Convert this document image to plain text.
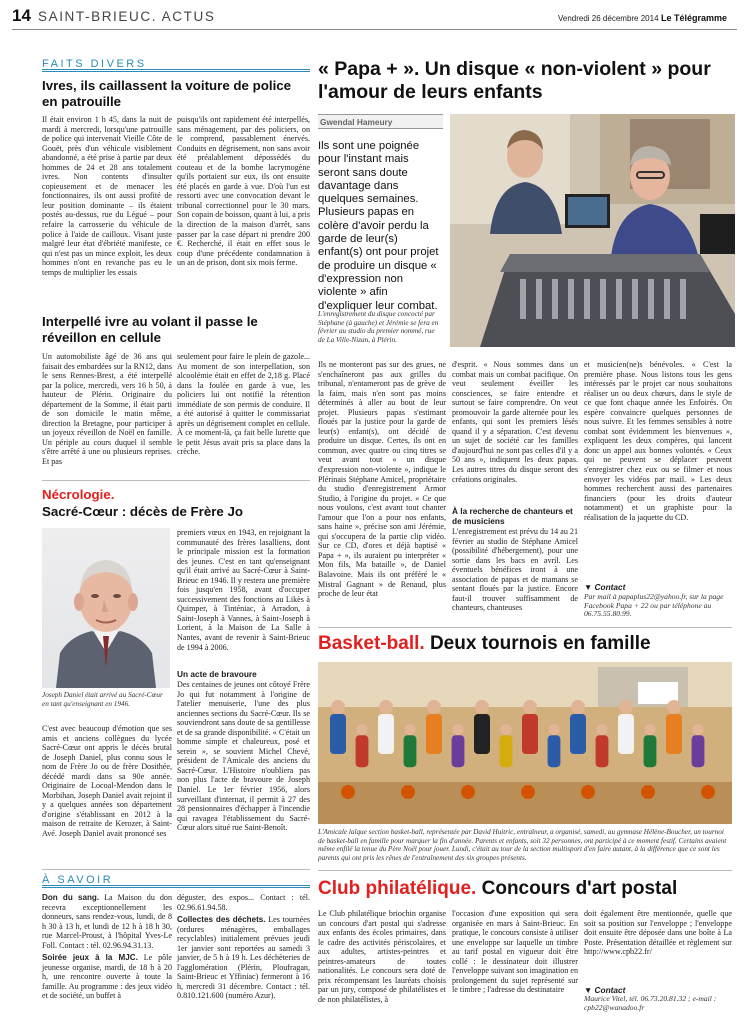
14 SAINT-BRIEUC. ACTUS	Vendredi 26 décembre 2014 Le Télégramme
FAITS DIVERS
Ivres, ils caillassent la voiture de police en patrouille
Il était environ 1 h 45, dans la nuit de mardi à mercredi, lorsqu'une patrouille de police qui intervenait Vieille Côte de Gouët, près d'un véhicule visiblement abandonné, a été prise à partie par deux hommes de 24 et 28 ans totalement ivres. Non contents d'insulter copieusement et de menacer les fonctionnaires, ils ont aussi profité de leur position dominante – ils étaient postés au-dessus, rue du Légué – pour refaire la carrosserie du véhicule de police à l'aide de cailloux. Visant juste malgré leur état d'ébriété manifeste, ce qui n'est pas un mince exploit, les deux hommes n'ont en revanche pas eu le temps de multiplier les essais
puisqu'ils ont rapidement été interpellés, sans ménagement, par des policiers, on le comprend, passablement énervés. Conduits en dégrisement, non sans avoir été préalablement dépossédés du couteau et de la bombe lacrymogène qu'ils portaient sur eux, ils ont ensuite été placés en garde à vue. D'où l'un est ressorti avec une convocation devant le tribunal correctionnel pour le 30 mars. Son copain de boisson, quant à lui, a pris la direction de la maison d'arrêt, sans passer par la case départ ni prendre 200 €. Recherché, il était en effet sous le coup d'une précédente condamnation à un an de prison, dont six mois ferme.
Interpellé ivre au volant il passe le réveillon en cellule
Un automobiliste âgé de 36 ans qui faisait des embardées sur la RN12, dans le sens Rennes-Brest, a été interpellé par la police, mercredi, vers 16 h 50, à hauteur de Plérin. Originaire du département de la Somme, il était parti de son domicile le matin même, direction la Bretagne, pour participer à un joyeux réveillon de Noël en famille. Un périple au cours duquel il semble s'être arrêté à une ou plusieurs reprises. Et pas
seulement pour faire le plein de gazole... Au moment de son interpellation, son alcoolémie était en effet de 2,18 g. Placé dans la foulée en garde à vue, les policiers lui ont notifié la rétention immédiate de son permis de conduire. Il a été autorisé à quitter le commissariat après un dégrisement complet en cellule. À ce moment-là, ça fait belle lurette que le petit Jésus avait pris sa place dans la crèche.
Nécrologie.
Sacré-Cœur : décès de Frère Jo
Joseph Daniel était arrivé au Sacré-Cœur en tant qu'enseignant en 1946.
C'est avec beaucoup d'émotion que ses amis et anciens collègues du lycée Sacré-Cœur ont appris le décès brutal de Joseph Daniel, plus connu sous le nom de Frère Jo ou de frère Dosithée, décédé mardi dans sa 90e année. Originaire de Locoal-Mendon dans le Morbihan, Joseph Daniel avait rejoint il y a quelques années son département d'origine s'établissant en 2012 à la maison de retraite de Kerozer, à Saint-Avé. Joseph Daniel avait prononcé ses
premiers vœux en 1943, en rejoignant la communauté des frères lasalliens, dont le principale mission est la formation des jeunes. C'est en tant qu'enseignant qu'il était arrivé au Sacré-Cœur à Saint-Brieuc en 1946. Il y restera une première fois jusqu'en 1958, avant d'occuper successivement des fonctions au Likès à Quimper, à Tinténiac, à Arradon, à Saint-Joseph à Vannes, à Saint-Joseph à Lorient, à la Maison de La Salle à Nantes, avant de revenir à Saint-Brieuc de 1994 à 2006.
Un acte de bravoure
Des centaines de jeunes ont côtoyé Frère Jo qui fut notamment à l'origine de l'atelier menuiserie, l'une des plus anciennes sections du Sacré-Cœur. Ils se souviendront sans doute de sa gentillesse et de sa grande disponibilité. « C'était un homme simple et chaleureux, posé et serein », se souvient Michel Chevé, président de l'Amicale des anciens du Sacré-Cœur. L'Histoire n'oubliera pas non plus l'acte de bravoure de Joseph Daniel. Le 1er février 1956, alors surveillant d'internat, il permit à 27 des 28 pensionnaires d'échapper à l'incendie qui ravagea l'établissement du Sacré-Cœur alors situé rue Saint-Benoît.
À SAVOIR

Don du sang. La Maison du don recevra exceptionnellement les donneurs, sans rendez-vous, lundi, de 8 h 30 à 13 h, et lundi de 12 h à 18 h 30, rue Marcel-Proust, à l'hôpital Yves-Le Foll. Contact : tél. 02.96.94.31.13.

Soirée jeux à la MJC. Le pôle jeunesse organise, mardi, de 18 h à 20 h, une rencontre ouverte à toute la famille. Au programme : des jeux vidéo et de société, un buffet à

déguster, des expos... Contact : tél. 02.96.61.94.58.

Collectes des déchets. Les tournées (ordures ménagères, emballages recyclables) initialement prévues jeudi 1er janvier sont reportées au samedi 3 janvier, de 5 h à 19 h. Les déchèteries de l'agglomération (Plérin, Ploufragan, Saint-Brieuc et Yffiniac) fermeront à 16 h, mercredi 31 décembre. Contact : tél. 0.810.121.600 (numéro Azur).

« Papa + ». Un disque « non-violent » pour l'amour de leurs enfants
Gwendal Hameury
Ils sont une poignée pour l'instant mais seront sans doute davantage dans quelques semaines. Plusieurs papas en colère d'avoir perdu la garde de leur(s) enfant(s) ont pour projet de produire un disque « d'expression non violente » afin d'expliquer leur combat.
L'enregistrement du disque concocté par Stéphane (à gauche) et Jérémie se fera en février au studio du premier nommé, rue de La Ville-Nizan, à Plérin.
Ils ne monteront pas sur des grues, ne s'enchaîneront pas aux grilles du tribunal, n'entameront pas de grève de la faim, mais n'en sont pas moins déterminés à aller au bout de leur projet. Plusieurs papas s'estimant floués par la justice pour la garde de leur(s) enfant(s), ont décidé de produire un disque. Certes, ils ont en commun, avec quatre ou cinq titres se veut avant tout « un disque d'expression non-violente », indique le Plérinais Stéphane Amicel, propriétaire du studio d'enregistrement Armor Studio, à l'origine du projet. « Ce que nous voulons, c'est avant tout chanter l'amour que l'on a pour nos enfants, sans haine », précise son ami Jérémie, qui s'occupera de la partie clip vidéo. Sur ce CD, d'ores et déjà baptisé « Papa + », ils auraient pu interpréter « Mon fils, Ma bataille », de Daniel Balavoine. Mais ils ont préféré le « Mistral Gagnant » de Renaud, plus proche de leur état
d'esprit. « Nous sommes dans un combat mais un combat pacifique. On veut seulement éveiller les consciences, se faire entendre et surtout se faire comprendre. On veut promouvoir la garde alternée pour les enfants, qui sont les premiers lésés quand il y a séparation. C'est devenu un sujet de société car les familles d'aujourd'hui ne sont pas celles d'il y a 50 ans », indiquent les deux papas. Les autres titres du disque seront des créations originales.
À la recherche de chanteurs et de musiciens
L'enregistrement est prévu du 14 au 21 février au studio de Stéphane Amicel (possibilité d'hébergement), pour une sortie dans les bacs en avril. Les éventuels bénéfices iront à une association de papas et de mamans se sentant floués par la justice. Encore faut-il trouver suffisamment de chanteurs, chanteuses
et musicien(ne)s bénévoles. « C'est la première phase. Nous listons tous les gens intéressés par le projet car nous souhaitons réaliser un ou deux chœurs, dans le style de ce que font chaque année les Enfoirés. On espère convaincre quelques personnes de nous suivre. Et les femmes sensibles à notre combat sont évidemment les bienvenues », expliquent les deux compères, qui lancent donc un appel aux bonnes volontés. « Ceux qui ne peuvent se déplacer peuvent s'enregistrer chez eux ou se filmer et nous envoyer les vidéos par mail. » Les deux hommes recherchent aussi des partenaires financiers (pour les droits d'auteur notamment) et un graphiste pour la réalisation de la jaquette du CD.
▼ Contact
Par mail à papaplus22@yahoo.fr, sur la page Facebook Papa + 22 ou par téléphone au 06.75.55.80.99.
Basket-ball. Deux tournois en famille
L'Amicale laïque section basket-ball, représentée par David Huitric, entraîneur, a organisé, samedi, au gymnase Hélène-Boucher, un tournoi de basket-ball en famille pour marquer la fin d'année. Parents et enfants, soit 32 personnes, ont participé à ce moment festif. Certains avaient même enfilé la tenue du Père Noël pour jouer. Lundi, c'était au tour de la section multisport d'en faire autant, à la différence que ce sont les parents qui ont pris les rênes de l'entraînement des six groupes présents.
Club philatélique. Concours d'art postal
Le Club philatélique briochin organise un concours d'art postal qui s'adresse aux enfants des écoles primaires, dans le cadre des activités périscolaires, et aux adultes, artistes-peintres et peintres-amateurs de toutes nationalités. Le concours sera doté de prix récompensant les lauréats choisis par un jury, composé de philatélistes et de non philatélistes, à
l'occasion d'une exposition qui sera organisée en mars à Saint-Brieuc. En pratique, le concours consiste à utiliser une enveloppe sur laquelle un timbre au tarif postal en vigueur doit être collé : le dessinateur doit illustrer l'enveloppe suivant son imagination en prolongement du sujet représenté sur le timbre ; l'adresse du destinataire
doit également être mentionnée, quelle que soit sa position sur l'enveloppe ; l'enveloppe doit ensuite être déposée dans une boîte à La Poste. Présentation détaillée et règlement sur http://www.cpb22.fr/
▼ Contact
Maurice Vitel, tél. 06.73.20.81.32 ; e-mail : cpb22@wanadoo.fr
